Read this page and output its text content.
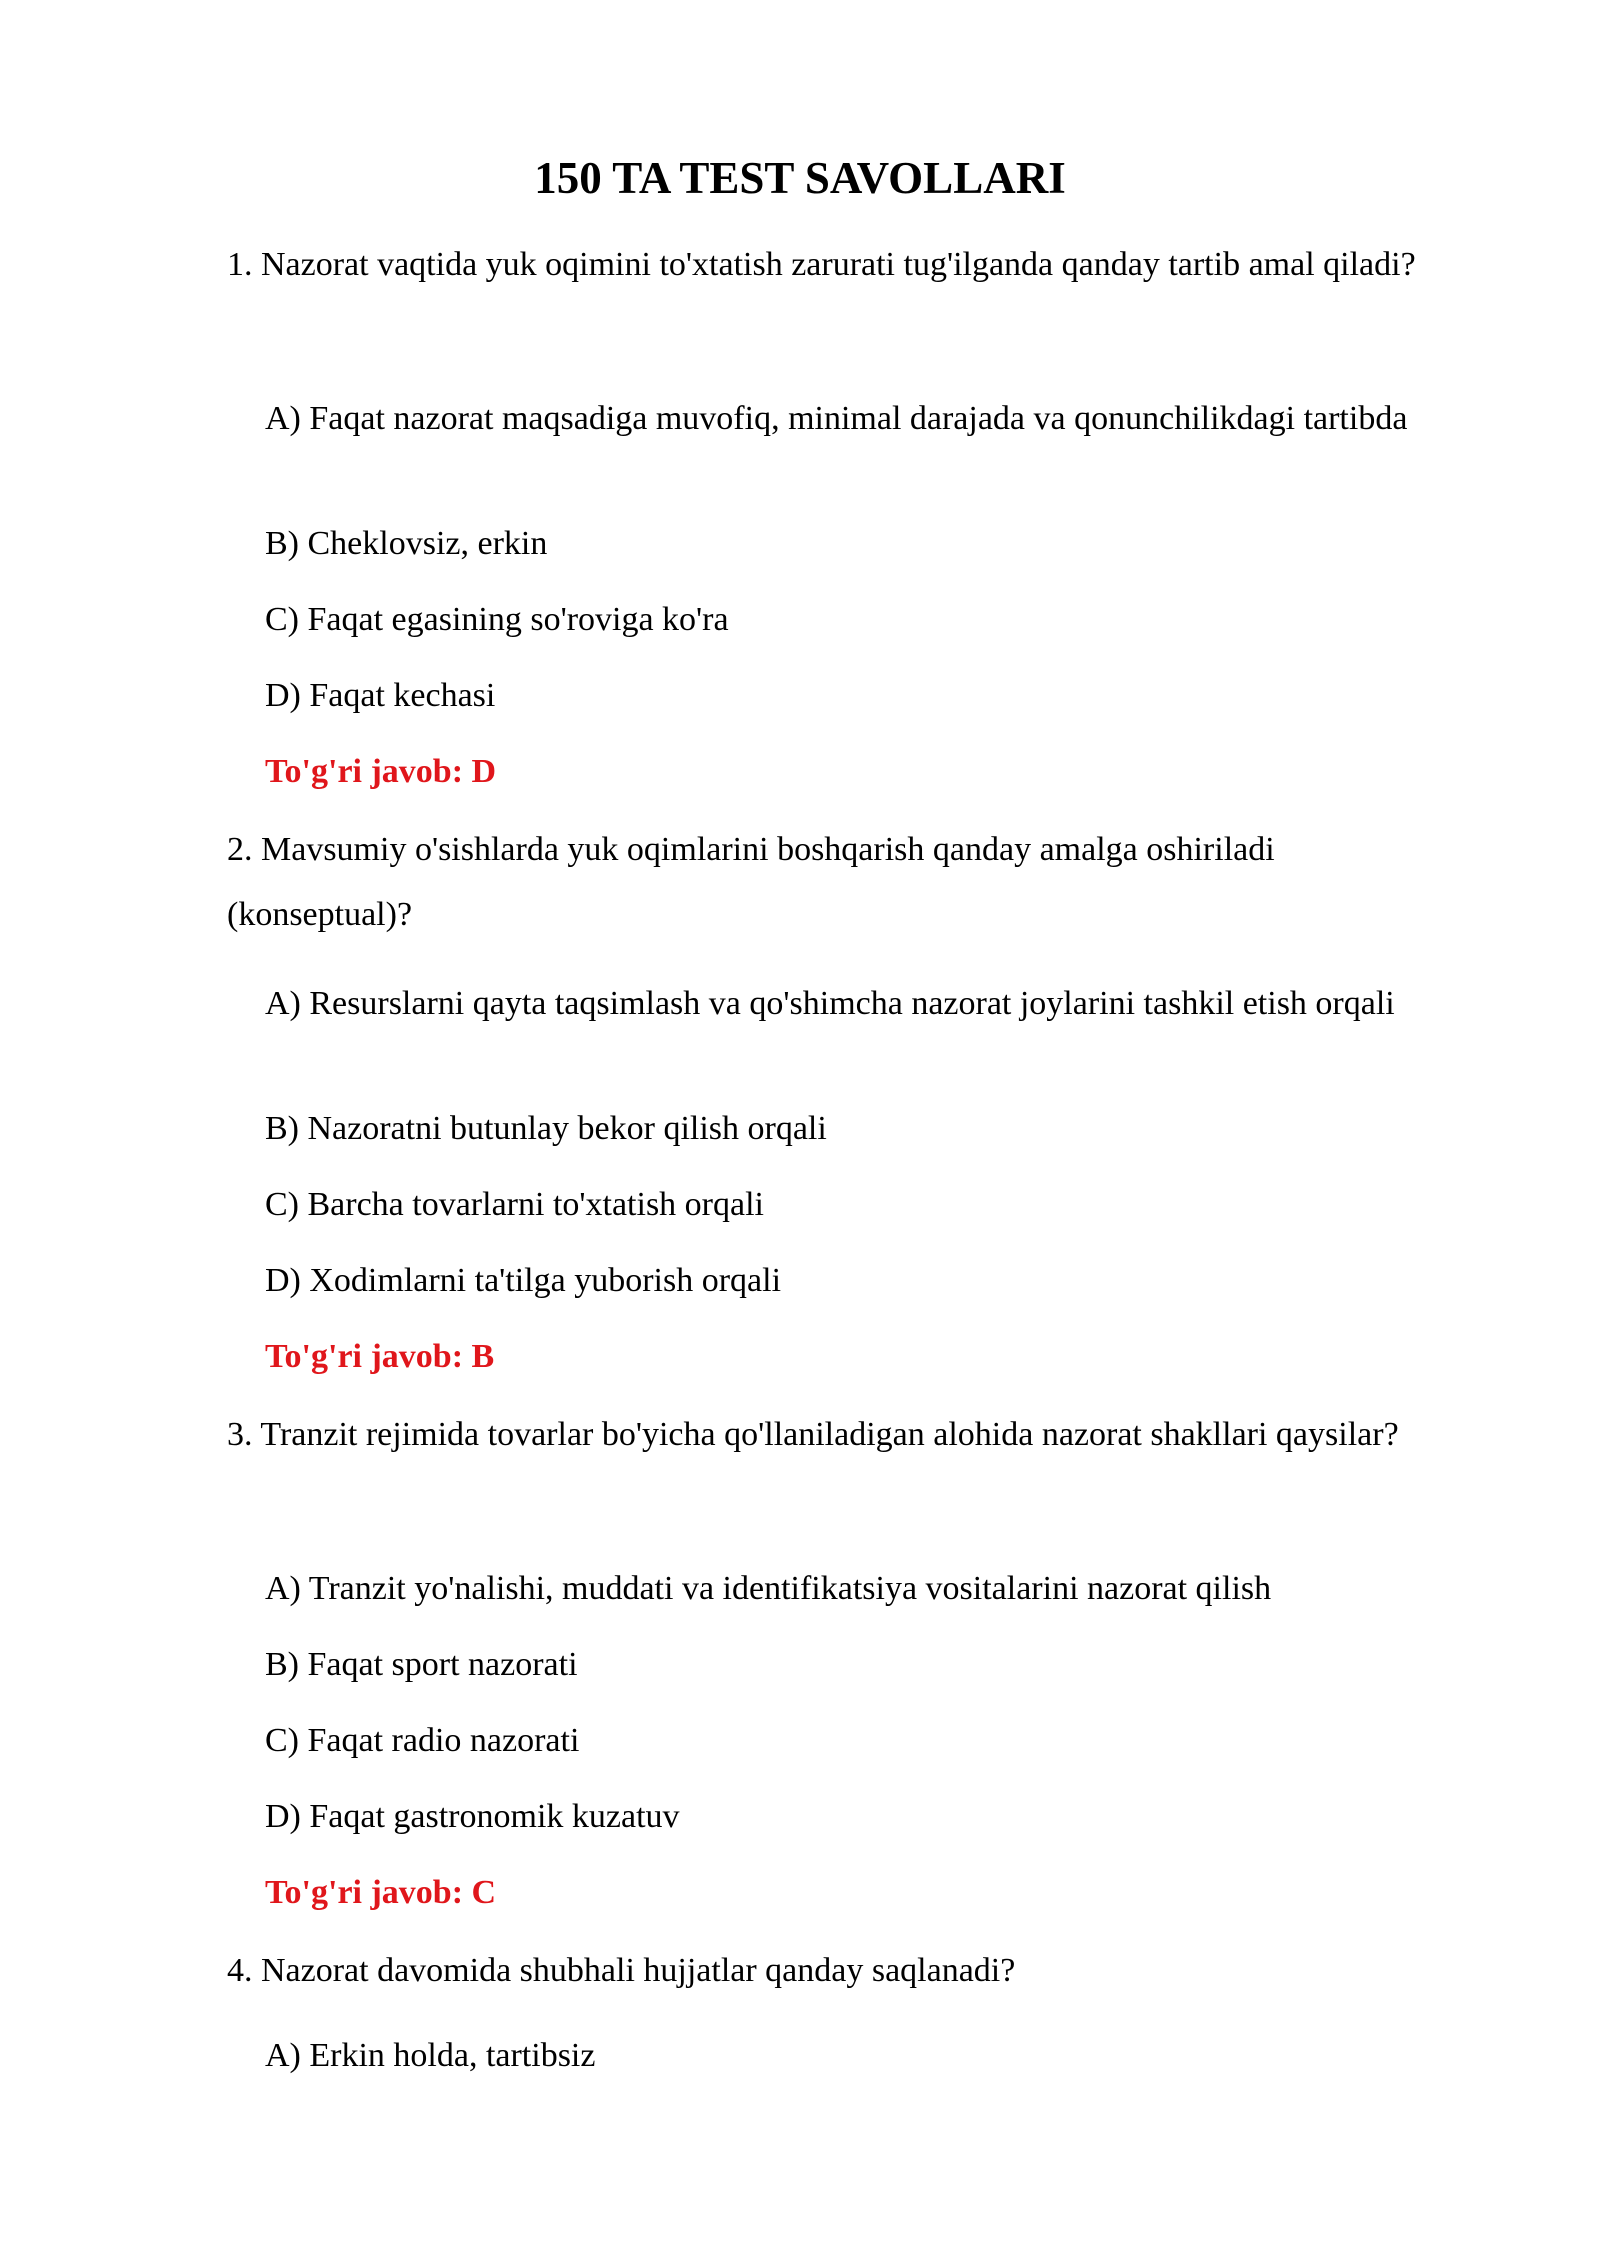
150 TA TEST SAVOLLARI

1. Nazorat vaqtida yuk oqimini to'xtatish zarurati tug'ilganda qanday tartib amal qiladi?

A) Faqat nazorat maqsadiga muvofiq, minimal darajada va qonunchilikdagi tartibda

B) Cheklovsiz, erkin

C) Faqat egasining so'roviga ko'ra

D) Faqat kechasi

To'g'ri javob: D

2. Mavsumiy o'sishlarda yuk oqimlarini boshqarish qanday amalga oshiriladi (konseptual)?

A) Resurslarni qayta taqsimlash va qo'shimcha nazorat joylarini tashkil etish orqali

B) Nazoratni butunlay bekor qilish orqali

C) Barcha tovarlarni to'xtatish orqali

D) Xodimlarni ta'tilga yuborish orqali

To'g'ri javob: B

3. Tranzit rejimida tovarlar bo'yicha qo'llaniladigan alohida nazorat shakllari qaysilar?

A) Tranzit yo'nalishi, muddati va identifikatsiya vositalarini nazorat qilish

B) Faqat sport nazorati

C) Faqat radio nazorati

D) Faqat gastronomik kuzatuv

To'g'ri javob: C

4. Nazorat davomida shubhali hujjatlar qanday saqlanadi?

A) Erkin holda, tartibsiz
